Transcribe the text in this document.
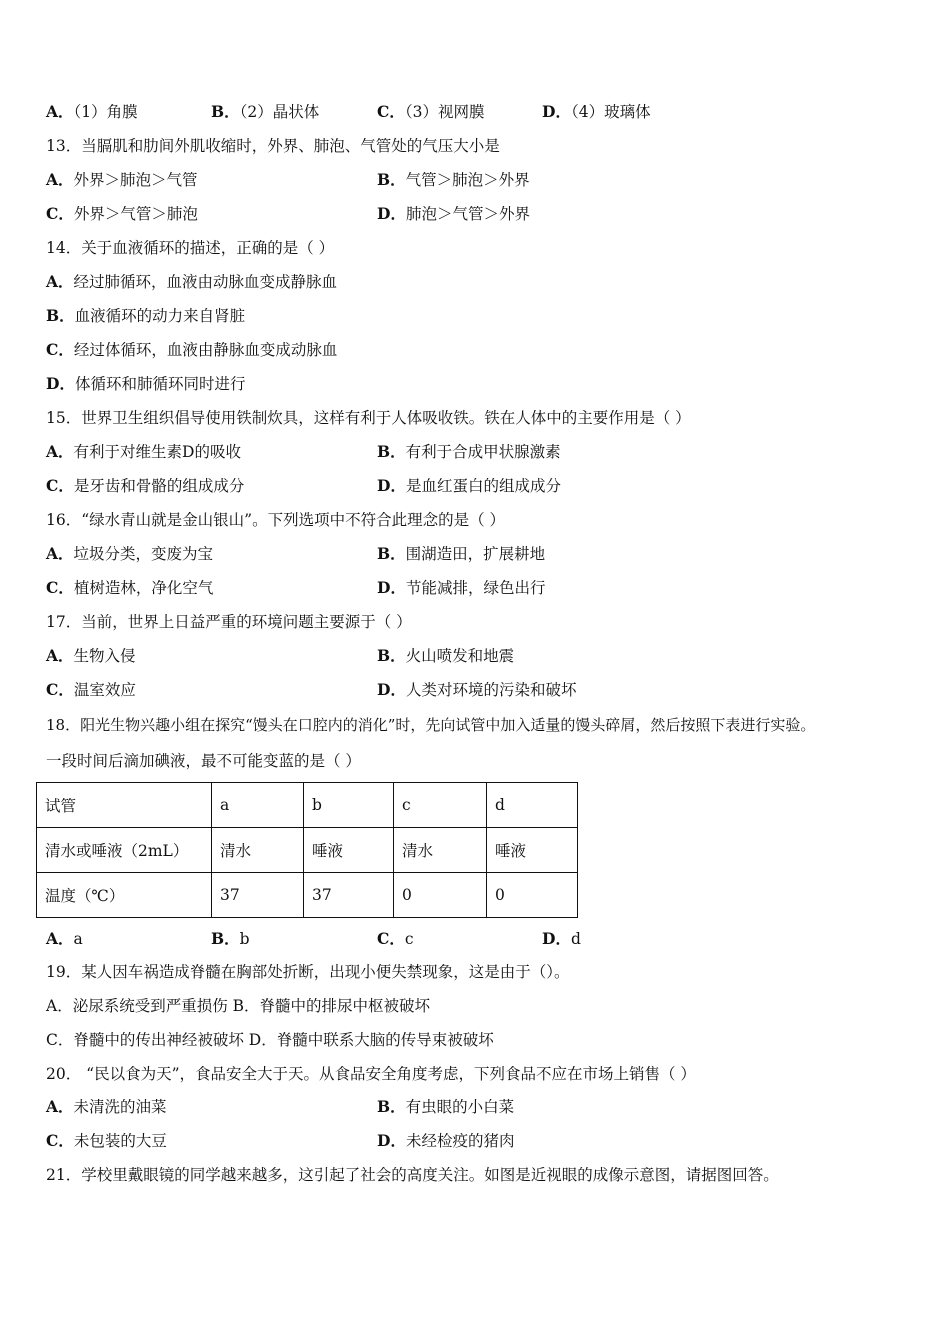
A．（1）角膜	B．（2）晶状体	C．（3）视网膜	D．（4）玻璃体
13．当膈肌和肋间外肌收缩时，外界、肺泡、气管处的气压大小是
A．外界＞肺泡＞气管	B．气管＞肺泡＞外界
C．外界＞气管＞肺泡	D．肺泡＞气管＞外界
14．关于血液循环的描述，正确的是（ ）
A．经过肺循环，血液由动脉血变成静脉血
B．血液循环的动力来自肾脏
C．经过体循环，血液由静脉血变成动脉血
D．体循环和肺循环同时进行
15．世界卫生组织倡导使用铁制炊具，这样有利于人体吸收铁。铁在人体中的主要作用是（ ）
A．有利于对维生素D的吸收	B．有利于合成甲状腺激素
C．是牙齿和骨骼的组成成分	D．是血红蛋白的组成成分
16．“绿水青山就是金山银山”。下列选项中不符合此理念的是（ ）
A．垃圾分类，变废为宝	B．围湖造田，扩展耕地
C．植树造林，净化空气	D．节能减排，绿色出行
17．当前，世界上日益严重的环境问题主要源于（ ）
A．生物入侵	B．火山喷发和地震
C．温室效应	D．人类对环境的污染和破坏
18．阳光生物兴趣小组在探究“馒头在口腔内的消化”时，先向试管中加入适量的馒头碎屑，然后按照下表进行实验。
一段时间后滴加碘液，最不可能变蓝的是（ ）
试管	a	b	c	d
清水或唾液（2mL）	清水	唾液	清水	唾液
温度（℃）	37	37	0	0
A．a	B．b	C．c	D．d
19．某人因车祸造成脊髓在胸部处折断，出现小便失禁现象，这是由于（）。
A．泌尿系统受到严重损伤 B．脊髓中的排尿中枢被破坏
C．脊髓中的传出神经被破坏 D．脊髓中联系大脑的传导束被破坏
20． “民以食为天”，食品安全大于天。从食品安全角度考虑，下列食品不应在市场上销售（ ）
A．未清洗的油菜	B．有虫眼的小白菜
C．未包装的大豆	D．未经检疫的猪肉
21．学校里戴眼镜的同学越来越多，这引起了社会的高度关注。如图是近视眼的成像示意图，请据图回答。
